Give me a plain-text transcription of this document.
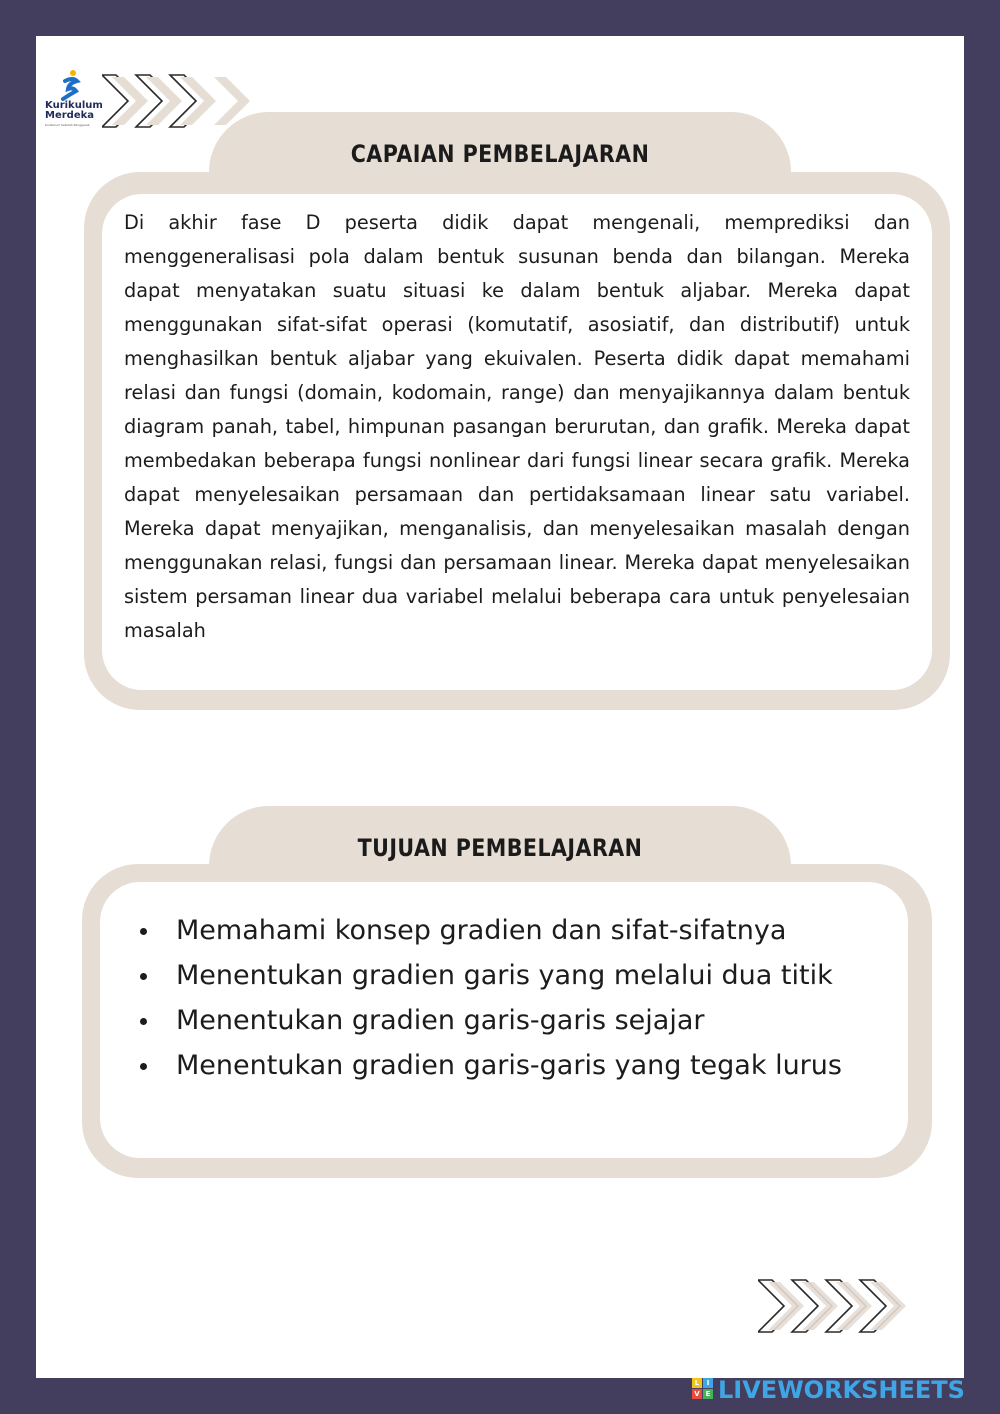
Kurikulum
Merdeka
Kurikulum Sekolah Penggerak
CAPAIAN PEMBELAJARAN

Di akhir fase D peserta didik dapat mengenali, memprediksi dan menggeneralisasi pola dalam bentuk susunan benda dan bilangan. Mereka dapat menyatakan suatu situasi ke dalam bentuk aljabar. Mereka dapat menggunakan sifat-sifat operasi (komutatif, asosiatif, dan distributif) untuk menghasilkan bentuk aljabar yang ekuivalen. Peserta didik dapat memahami relasi dan fungsi (domain, kodomain, range) dan menyajikannya dalam bentuk diagram panah, tabel, himpunan pasangan berurutan, dan grafik. Mereka dapat membedakan beberapa fungsi nonlinear dari fungsi linear secara grafik. Mereka dapat menyelesaikan persamaan dan pertidaksamaan linear satu variabel. Mereka dapat menyajikan, menganalisis, dan menyelesaikan masalah dengan menggunakan relasi, fungsi dan persamaan linear. Mereka dapat menyelesaikan sistem persaman linear dua variabel melalui beberapa cara untuk penyelesaian masalah

TUJUAN PEMBELAJARAN
Memahami konsep gradien dan sifat-sifatnya
Menentukan gradien garis yang melalui dua titik
Menentukan gradien garis-garis sejajar
Menentukan gradien garis-garis yang tegak lurus
L	I
V E LIVEWORKSHEETS
